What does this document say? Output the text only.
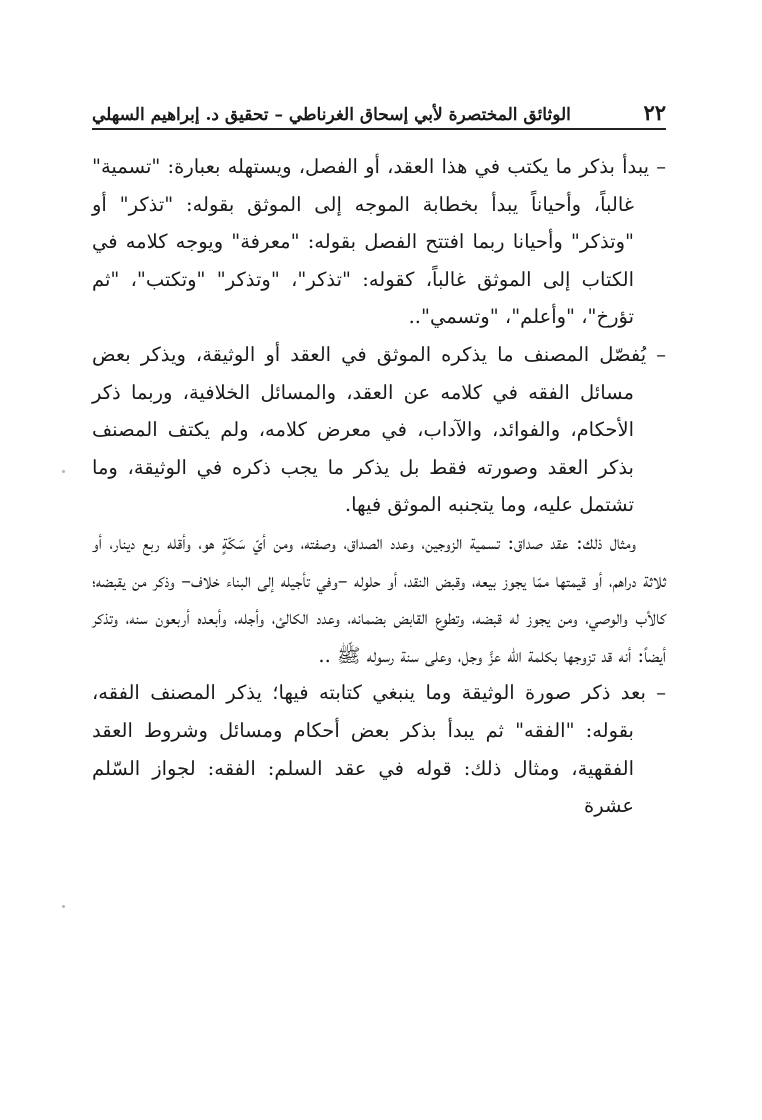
٢٢
الوثائق المختصرة لأبي إسحاق الغرناطي – تحقيق د. إبراهيم السهلي

– يبدأ بذكر ما يكتب في هذا العقد، أو الفصل، ويستهله بعبارة: "تسمية" غالباً، وأحياناً يبدأ بخطابة الموجه إلى الموثق بقوله: "تذكر" أو "وتذكر" وأحيانا ربما افتتح الفصل بقوله: "معرفة" ويوجه كلامه في الكتاب إلى الموثق غالباً، كقوله: "تذكر"، "وتذكر" "وتكتب"، "ثم تؤرخ"، "وأعلم"، "وتسمي"..

– يُفصّل المصنف ما يذكره الموثق في العقد أو الوثيقة، ويذكر بعض مسائل الفقه في كلامه عن العقد، والمسائل الخلافية، وربما ذكر الأحكام، والفوائد، والآداب، في معرض كلامه، ولم يكتف المصنف بذكر العقد وصورته فقط بل يذكر ما يجب ذكره في الوثيقة، وما تشتمل عليه، وما يتجنبه الموثق فيها.

ومثال ذلك: عقد صداق: تسمية الزوجين، وعدد الصداق، وصفته، ومن أيّ سَكّةٍ هو، وأقله ربع دينار، أو ثلاثة دراهم، أو قيمتها ممّا يجوز بيعه، وقبض النقد، أو حلوله –وفي تأجيله إلى البناء خلاف– وذكر من يقبضه؛ كالأب والوصي، ومن يجوز له قبضه، وتطوع القابض بضمانه، وعدد الكالئ، وأجله، وأبعده أربعون سنه، وتذكر أيضاً: أنه قد تزوجها بكلمة الله عزَّ وجل، وعلى سنة رسوله ﷺ ..

– بعد ذكر صورة الوثيقة وما ينبغي كتابته فيها؛ يذكر المصنف الفقه، بقوله: "الفقه" ثم يبدأ بذكر بعض أحكام ومسائل وشروط العقد الفقهية، ومثال ذلك: قوله في عقد السلم: الفقه: لجواز السّلم عشرة
